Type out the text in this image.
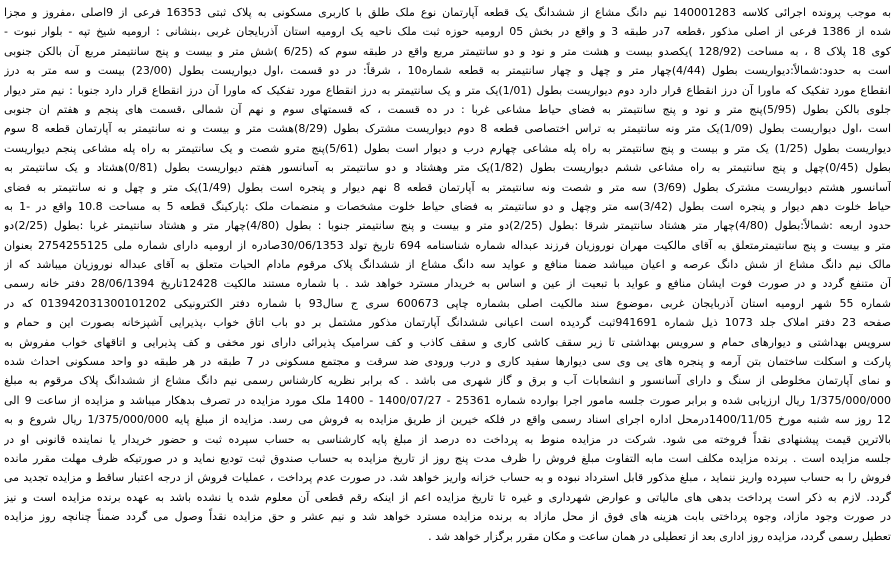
به موجب پرونده اجرائی کلاسه 140001283 نیم دانگ مشاع از ششدانگ یک قطعه آپارتمان نوع ملک طلق با کاربری مسکونی به پلاک ثبتی 16353 فرعی از 9اصلی ،مفروز و مجزا
شده از 1386 فرعی از اصلی مذکور ،قطعه 7در طبقه 3 و واقع در بخش 05 ارومیه حوزه ثبت ملک ناحیه یک ارومیه استان آذربایجان غربی ،بنشانی : ارومیه شیخ تپه - بلوار نبوت -
کوی 18 پلاک 8 ، به مساحت (128/92 )یکصدو بیست و هشت متر و نود و دو سانتیمتر مربع واقع در طبقه سوم که (6/25 )شش متر و بیست و پنج سانتیمتر مربع آن بالکن جنوبی
است به حدود:شمالاً:دیواریست بطول (4/44)چهار متر و چهل و چهار سانتیمتر به قطعه شماره10 ، شرقاً: در دو قسمت ،اول دیواریست بطول (23/00) بیست و سه متر به درز
انقطاع مورد تفکیک که ماورا آن درز انقطاع قرار دارد دوم دیواریست بطول (1/01)یک متر و یک سانتیمتر به درز انقطاع مورد تفکیک که ماورا آن درز انقطاع قرار دارد جنوبا : نیم متر دیوار
جلوی بالکن بطول (5/95)پنج متر و نود و پنج سانتیمتر به فضای حیاط مشاعی غربا : در ده قسمت ، که قسمتهای سوم و نهم آن شمالی ،قسمت های پنجم و هفتم ان جنوبی
است ،اول دیواریست بطول (1/09)یک متر ونه سانتیمتر به تراس اختصاصی قطعه 8 دوم دیواریست مشترک بطول (8/29)هشت متر و بیست و نه سانتیمتر به آپارتمان قطعه 8 سوم
دیواریست بطول (1/25) یک متر و بیست و پنج سانتیمتر به راه پله مشاعی چهارم درب و دیوار است بطول (5/61)پنج مترو شصت و یک سانتیمتر به راه پله مشاعی پنجم دیواریست
بطول (0/45)چهل و پنج سانتیمتر به راه مشاعی ششم دیواریست بطول (1/82)یک متر وهشتاد و دو سانتیمتر به آسانسور هفتم دیواریست بطول (0/81)هشتاد و یک سانتیمتر به
آسانسور هشتم دیواریست مشترک بطول (3/69) سه متر و شصت ونه سانتیمتر به آپارتمان قطعه 8 نهم دیوار و پنجره است بطول (1/49)یک متر و چهل و نه سانتیمتر به فضای
حیاط خلوت دهم دیوار و پنجره است بطول (3/42)سه متر وچهل و دو سانتیمتر به فضای حیاط خلوت مشخصات و منضمات ملک :پارکینگ قطعه 5 به مساحت 10.8 واقع در -1 به
حدود اربعه :شمالاً:بطول (4/80)چهار متر هشتاد سانتیمتر شرقا :بطول (2/25)دو متر و بیست و پنج سانتیمتر جنوبا : بطول (4/80)چهار متر و هشتاد سانتیمتر غربا :بطول (2/25)دو
متر و بیست و پنج سانتیمترمتعلق به آقای مالکیت مهران نوروزیان فرزند عبداله شماره شناسنامه 694 تاریخ تولد 30/06/1353صادره از ارومیه دارای شماره ملی 2754255125 بعنوان
مالک نیم دانگ مشاع از شش دانگ عرصه و اعیان میباشد ضمنا منافع و عواید سه دانگ مشاع از ششدانگ پلاک مرقوم مادام الحیات متعلق به آقای عبداله نوروزیان میباشد که از
آن متنفع گردد و در صورت فوت ایشان منافع و عواید با تبعیت از عین و اساس به خریدار مسترد خواهد شد . با شماره مستند مالکیت 12428تاریخ 28/06/1394 دفتر خانه رسمی
شماره 55 شهر ارومیه استان آذربایجان غربی ،موضوع سند مالکیت اصلی بشماره چاپی 600673 سری ج سال93 با شماره دفتر الکترونیکی 013942031300101202 که در
صفحه 23 دفتر املاک جلد 1073 ذیل شماره 941691ثبت گردیده است اعیانی ششدانگ آپارتمان مذکور مشتمل بر دو باب اتاق خواب ،پذیرایی آشپزخانه بصورت این و حمام و
سرویس بهداشتی و دیوارهای حمام و سرویس بهداشتی تا زیر سقف کاشی کاری و سقف کاذب و کف سرامیک پذیرائی دارای نور مخفی و کف پذیرایی و اتاقهای خواب مفروش به
پارکت و اسکلت ساختمان بتن آرمه و پنجره های یی وی سی دیوارها سفید کاری و درب ورودی ضد سرقت و مجتمع مسکونی در 7 طبقه در هر طبقه دو واحد مسکونی احداث شده
و نمای آپارتمان مخلوطی از سنگ و دارای آسانسور و انشعابات آب و برق و گاز شهری می باشد . که برابر نظریه کارشناس رسمی نیم دانگ مشاع از ششدانگ پلاک مرقوم به مبلغ
1/375/000/000 ریال ارزیابی شده و برابر صورت جلسه مامور اجرا بوارده شماره 25361 - 1400/07/27 - 1400 ملک مورد مزایده در تصرف بدهکار میباشد و مزایده از ساعت 9 الی
12 روز سه شنبه مورخ 1400/11/05درمحل اداره اجرای اسناد رسمی واقع در فلکه خیرین از طریق مزایده به فروش می رسد. مزایده از مبلغ پایه 1/375/000/000 ریال شروع و به
بالاترین قیمت پیشنهادی نقداً فروخته می شود. شرکت در مزایده منوط به پرداخت ده درصد از مبلغ پایه کارشناسی به حساب سپرده ثبت و حضور خریدار یا نماینده قانونی او در
جلسه مزایده است . برنده مزایده مکلف است مابه التفاوت مبلغ فروش را ظرف مدت پنج روز از تاریخ مزایده به حساب صندوق ثبت تودیع نماید و در صورتیکه ظرف مهلت مقرر مانده
فروش را به حساب سپرده واریز ننماید ، مبلغ مذکور قابل استرداد نبوده و به حساب خزانه واریز خواهد شد. در صورت عدم پرداخت ، عملیات فروش از درجه اعتبار ساقط و مزایده تجدید می
گردد. لازم به ذکر است پرداخت بدهی های مالیاتی و عوارض شهرداری و غیره تا تاریخ مزایده اعم از اینکه رقم قطعی آن معلوم شده یا نشده باشد به عهده برنده مزایده است و نیز
در صورت وجود مازاد، وجوه پرداختی بابت هزینه های فوق از محل مازاد به برنده مزایده مسترد خواهد شد و نیم عشر و حق مزایده نقداً وصول می گردد ضمناً چنانچه روز مزایده
تعطیل رسمی گردد، مزایده روز اداری بعد از تعطیلی در همان ساعت و مکان مقرر برگزار خواهد شد .
